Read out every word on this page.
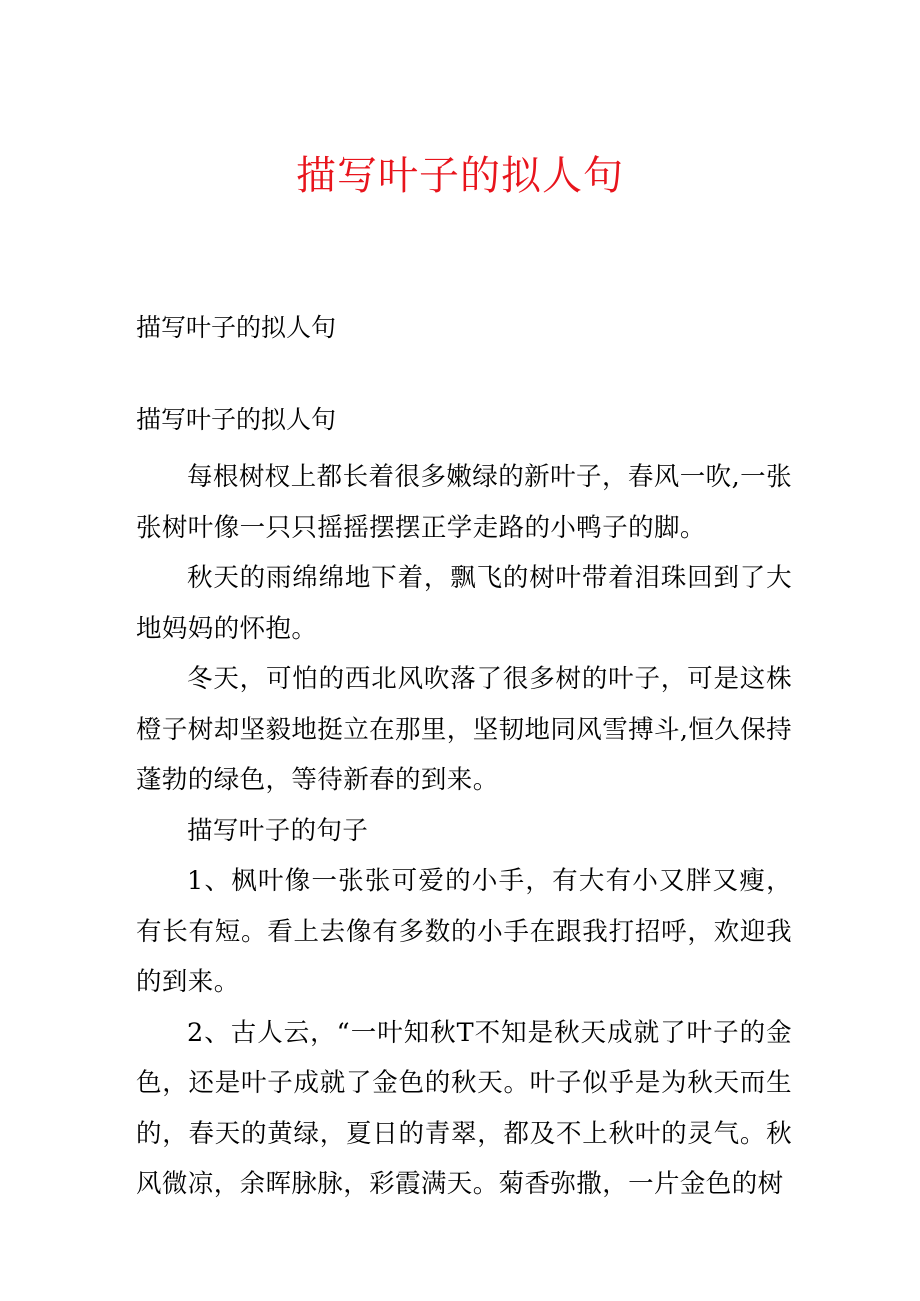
描写叶子的拟人句
描写叶子的拟人句
描写叶子的拟人句

每根树杈上都长着很多嫩绿的新叶子，春风一吹,一张张树叶像一只只摇摇摆摆正学走路的小鸭子的脚。

秋天的雨绵绵地下着，飘飞的树叶带着泪珠回到了大地妈妈的怀抱。

冬天，可怕的西北风吹落了很多树的叶子，可是这株橙子树却坚毅地挺立在那里，坚韧地同风雪搏斗,恒久保持蓬勃的绿色，等待新春的到来。

描写叶子的句子

1、枫叶像一张张可爱的小手，有大有小又胖又瘦，有长有短。看上去像有多数的小手在跟我打招呼，欢迎我的到来。

2、古人云，“一叶知秋T不知是秋天成就了叶子的金色，还是叶子成就了金色的秋天。叶子似乎是为秋天而生的，春天的黄绿，夏日的青翠，都及不上秋叶的灵气。秋风微凉，余晖脉脉，彩霞满天。菊香弥撒，一片金色的树
